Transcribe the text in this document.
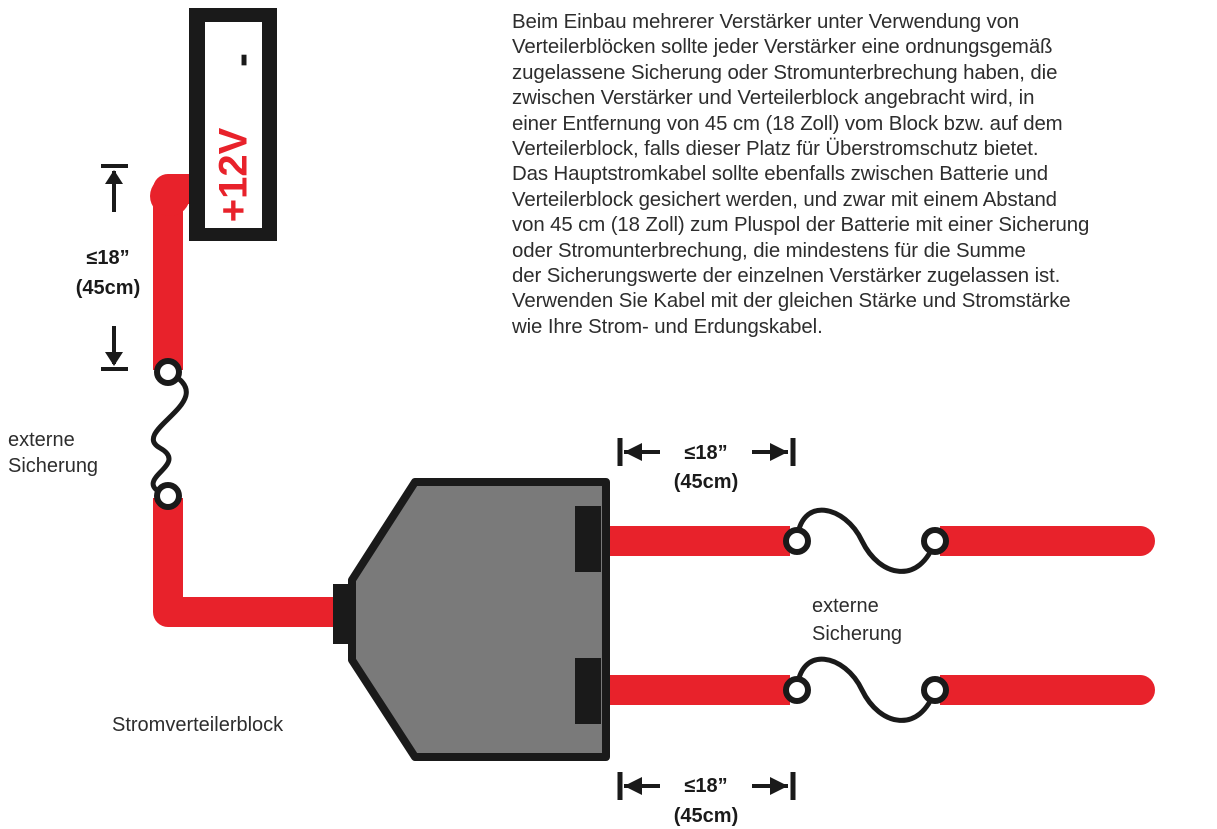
-
+12V
≤18”
(45cm)
≤18”
(45cm)
≤18”
(45cm)
externe
Sicherung
externe
Sicherung
Stromverteilerblock
Beim Einbau mehrerer Verstärker unter Verwendung von
Verteilerblöcken sollte jeder Verstärker eine ordnungsgemäß
zugelassene Sicherung oder Stromunterbrechung haben, die
zwischen Verstärker und Verteilerblock angebracht wird, in
einer Entfernung von 45 cm (18 Zoll) vom Block bzw. auf dem
Verteilerblock, falls dieser Platz für Überstromschutz bietet.
Das Hauptstromkabel sollte ebenfalls zwischen Batterie und
Verteilerblock gesichert werden, und zwar mit einem Abstand
von 45 cm (18 Zoll) zum Pluspol der Batterie mit einer Sicherung
oder Stromunterbrechung, die mindestens für die Summe
der Sicherungswerte der einzelnen Verstärker zugelassen ist.
Verwenden Sie Kabel mit der gleichen Stärke und Stromstärke
wie Ihre Strom- und Erdungskabel.
